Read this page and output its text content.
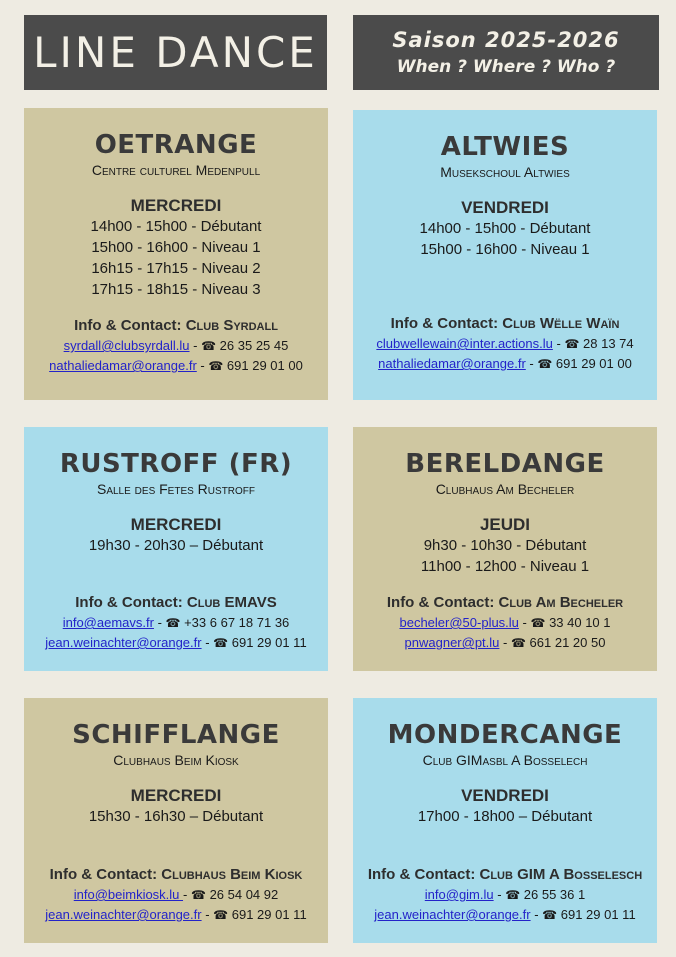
LINE DANCE	Saison 2025-2026
When ? Where ? Who ?
OETRANGE
Centre culturel Medenpull
MERCREDI
14h00 - 15h00 - Débutant
15h00 - 16h00 - Niveau 1
16h15 - 17h15 - Niveau 2
17h15 - 18h15 - Niveau 3
Info & Contact: Club Syrdall
syrdall@clubsyrdall.lu - ☎ 26 35 25 45
nathaliedamar@orange.fr - ☎ 691 29 01 00
ALTWIES
Musekschoul Altwies
VENDREDI
14h00 - 15h00 - Débutant
15h00 - 16h00 - Niveau 1
Info & Contact: Club Wëlle Waïn
clubwellewain@inter.actions.lu - ☎ 28 13 74
nathaliedamar@orange.fr - ☎ 691 29 01 00
RUSTROFF (FR)
Salle des Fetes Rustroff
MERCREDI
19h30 - 20h30 – Débutant
Info & Contact: Club EMAVS
info@aemavs.fr - ☎ +33 6 67 18 71 36
jean.weinachter@orange.fr - ☎ 691 29 01 11
BERELDANGE
Clubhaus Am Becheler
JEUDI
9h30 - 10h30 - Débutant
11h00 - 12h00 - Niveau 1
Info & Contact: Club Am Becheler
becheler@50-plus.lu - ☎ 33 40 10 1
pnwagner@pt.lu - ☎ 661 21 20 50
SCHIFFLANGE
Clubhaus Beim Kiosk
MERCREDI
15h30 - 16h30 – Débutant
Info & Contact: Clubhaus Beim Kiosk
info@beimkiosk.lu - ☎ 26 54 04 92
jean.weinachter@orange.fr - ☎ 691 29 01 11
MONDERCANGE
Club GIMasbl A Bosselech
VENDREDI
17h00 - 18h00 – Débutant
Info & Contact: Club GIM A Bosselesch
info@gim.lu - ☎ 26 55 36 1
jean.weinachter@orange.fr - ☎ 691 29 01 11
